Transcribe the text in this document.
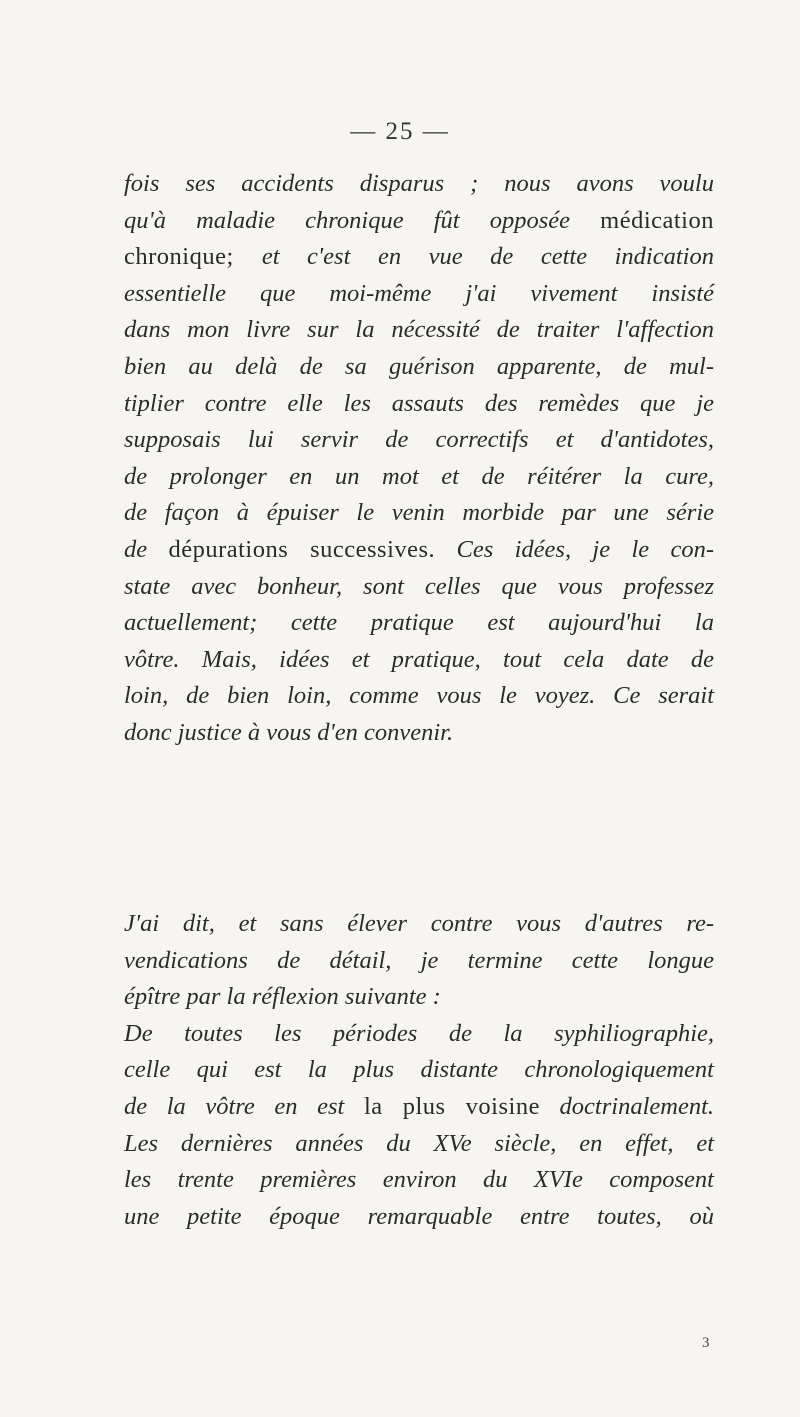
— 25 —
fois ses accidents disparus ; nous avons voulu
qu'à maladie chronique fût opposée médication
chronique; et c'est en vue de cette indication
essentielle que moi-même j'ai vivement insisté
dans mon livre sur la nécessité de traiter l'affection
bien au delà de sa guérison apparente, de mul-
tiplier contre elle les assauts des remèdes que je
supposais lui servir de correctifs et d'antidotes,
de prolonger en un mot et de réitérer la cure,
de façon à épuiser le venin morbide par une série
de dépurations successives. Ces idées, je le con-
state avec bonheur, sont celles que vous professez
actuellement; cette pratique est aujourd'hui la
vôtre. Mais, idées et pratique, tout cela date de
loin, de bien loin, comme vous le voyez. Ce serait
donc justice à vous d'en convenir.
J'ai dit, et sans élever contre vous d'autres re-
vendications de détail, je termine cette longue
épître par la réflexion suivante :
De toutes les périodes de la syphiliographie,
celle qui est la plus distante chronologiquement
de la vôtre en est la plus voisine doctrinalement.
Les dernières années du XVe siècle, en effet, et
les trente premières environ du XVIe composent
une petite époque remarquable entre toutes, où
3
